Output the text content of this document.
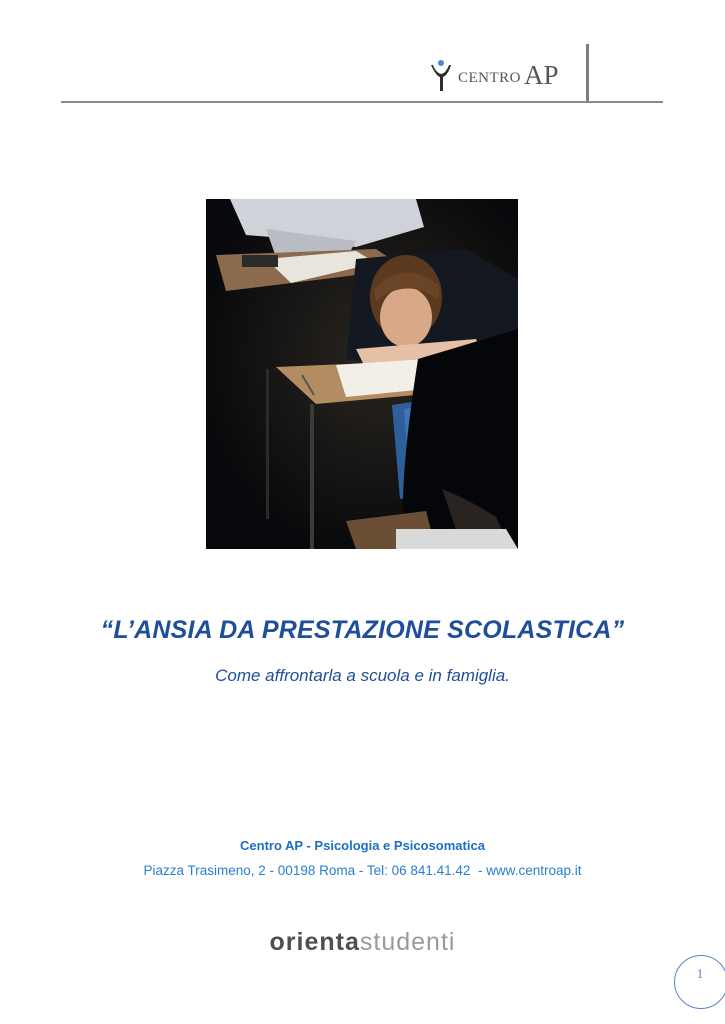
CENTRO AP
“L’ANSIA DA PRESTAZIONE SCOLASTICA”
Come affrontarla a scuola e in famiglia.
Centro AP - Psicologia e Psicosomatica
Piazza Trasimeno, 2 - 00198 Roma - Tel: 06 841.41.42  - www.centroap.it
orientastudenti
1
